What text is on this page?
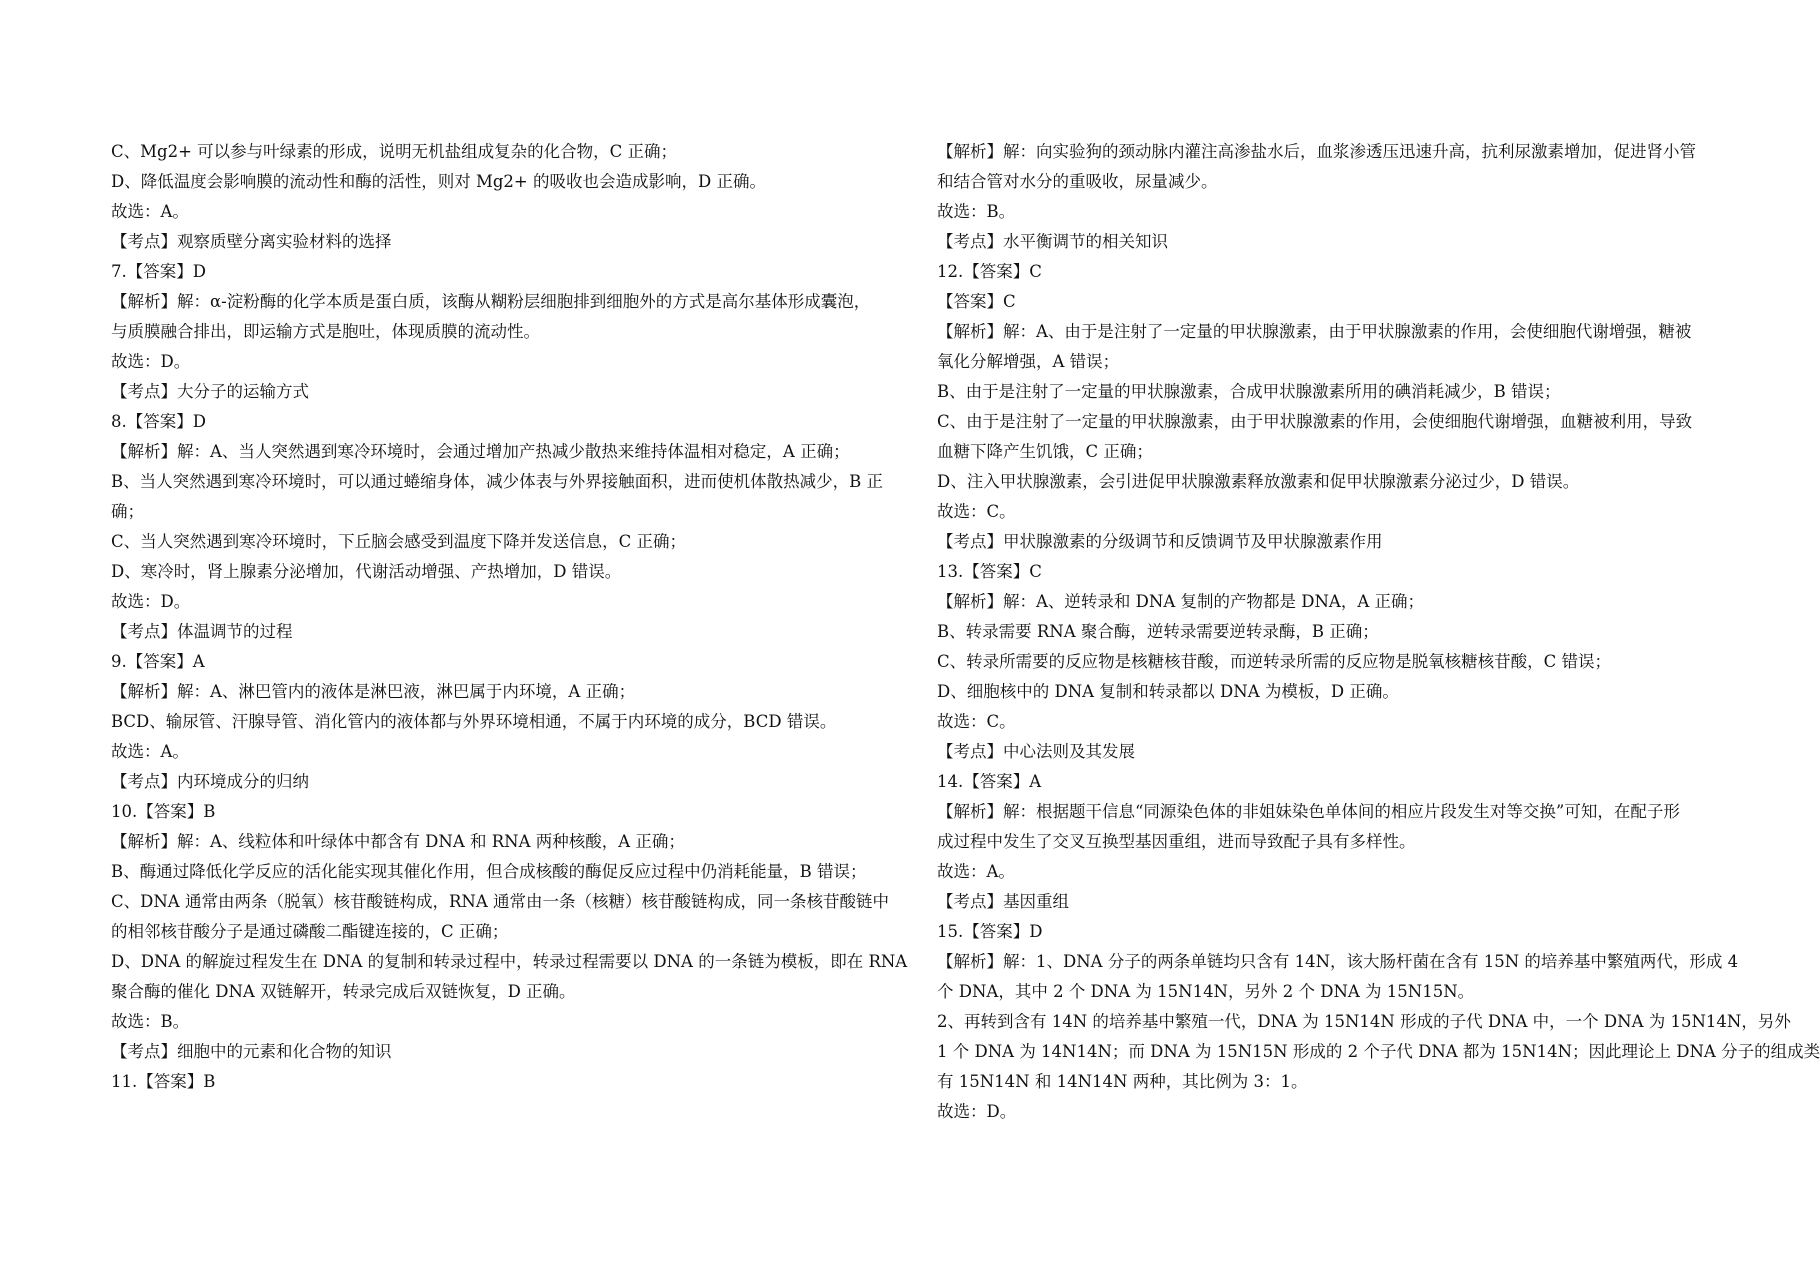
C、Mg2+ 可以参与叶绿素的形成，说明无机盐组成复杂的化合物，C 正确；
D、降低温度会影响膜的流动性和酶的活性，则对 Mg2+ 的吸收也会造成影响，D 正确。
故选：A。
【考点】观察质壁分离实验材料的选择
7.【答案】D
【解析】解：α-淀粉酶的化学本质是蛋白质，该酶从糊粉层细胞排到细胞外的方式是高尔基体形成囊泡，
与质膜融合排出，即运输方式是胞吐，体现质膜的流动性。
故选：D。
【考点】大分子的运输方式
8.【答案】D
【解析】解：A、当人突然遇到寒冷环境时，会通过增加产热减少散热来维持体温相对稳定，A 正确；
B、当人突然遇到寒冷环境时，可以通过蜷缩身体，减少体表与外界接触面积，进而使机体散热减少，B 正
确；
C、当人突然遇到寒冷环境时，下丘脑会感受到温度下降并发送信息，C 正确；
D、寒冷时，肾上腺素分泌增加，代谢活动增强、产热增加，D 错误。
故选：D。
【考点】体温调节的过程
9.【答案】A
【解析】解：A、淋巴管内的液体是淋巴液，淋巴属于内环境，A 正确；
BCD、输尿管、汗腺导管、消化管内的液体都与外界环境相通，不属于内环境的成分，BCD 错误。
故选：A。
【考点】内环境成分的归纳
10.【答案】B
【解析】解：A、线粒体和叶绿体中都含有 DNA 和 RNA 两种核酸，A 正确；
B、酶通过降低化学反应的活化能实现其催化作用，但合成核酸的酶促反应过程中仍消耗能量，B 错误；
C、DNA 通常由两条（脱氧）核苷酸链构成，RNA 通常由一条（核糖）核苷酸链构成，同一条核苷酸链中
的相邻核苷酸分子是通过磷酸二酯键连接的，C 正确；
D、DNA 的解旋过程发生在 DNA 的复制和转录过程中，转录过程需要以 DNA 的一条链为模板，即在 RNA
聚合酶的催化 DNA 双链解开，转录完成后双链恢复，D 正确。
故选：B。
【考点】细胞中的元素和化合物的知识
11.【答案】B
【解析】解：向实验狗的颈动脉内灌注高渗盐水后，血浆渗透压迅速升高，抗利尿激素增加，促进肾小管
和结合管对水分的重吸收，尿量减少。
故选：B。
【考点】水平衡调节的相关知识
12.【答案】C
【答案】C
【解析】解：A、由于是注射了一定量的甲状腺激素，由于甲状腺激素的作用，会使细胞代谢增强，糖被
氧化分解增强，A 错误；
B、由于是注射了一定量的甲状腺激素，合成甲状腺激素所用的碘消耗减少，B 错误；
C、由于是注射了一定量的甲状腺激素，由于甲状腺激素的作用，会使细胞代谢增强，血糖被利用，导致
血糖下降产生饥饿，C 正确；
D、注入甲状腺激素，会引进促甲状腺激素释放激素和促甲状腺激素分泌过少，D 错误。
故选：C。
【考点】甲状腺激素的分级调节和反馈调节及甲状腺激素作用
13.【答案】C
【解析】解：A、逆转录和 DNA 复制的产物都是 DNA，A 正确；
B、转录需要 RNA 聚合酶，逆转录需要逆转录酶，B 正确；
C、转录所需要的反应物是核糖核苷酸，而逆转录所需的反应物是脱氧核糖核苷酸，C 错误；
D、细胞核中的 DNA 复制和转录都以 DNA 为模板，D 正确。
故选：C。
【考点】中心法则及其发展
14.【答案】A
【解析】解：根据题干信息“同源染色体的非姐妹染色单体间的相应片段发生对等交换”可知，在配子形
成过程中发生了交叉互换型基因重组，进而导致配子具有多样性。
故选：A。
【考点】基因重组
15.【答案】D
【解析】解：1、DNA 分子的两条单链均只含有 14N，该大肠杆菌在含有 15N 的培养基中繁殖两代，形成 4
个 DNA，其中 2 个 DNA 为 15N14N，另外 2 个 DNA 为 15N15N。
2、再转到含有 14N 的培养基中繁殖一代，DNA 为 15N14N 形成的子代 DNA 中，一个 DNA 为 15N14N，另外
1 个 DNA 为 14N14N；而 DNA 为 15N15N 形成的 2 个子代 DNA 都为 15N14N；因此理论上 DNA 分子的组成类
有 15N14N 和 14N14N 两种，其比例为 3：1。
故选：D。
